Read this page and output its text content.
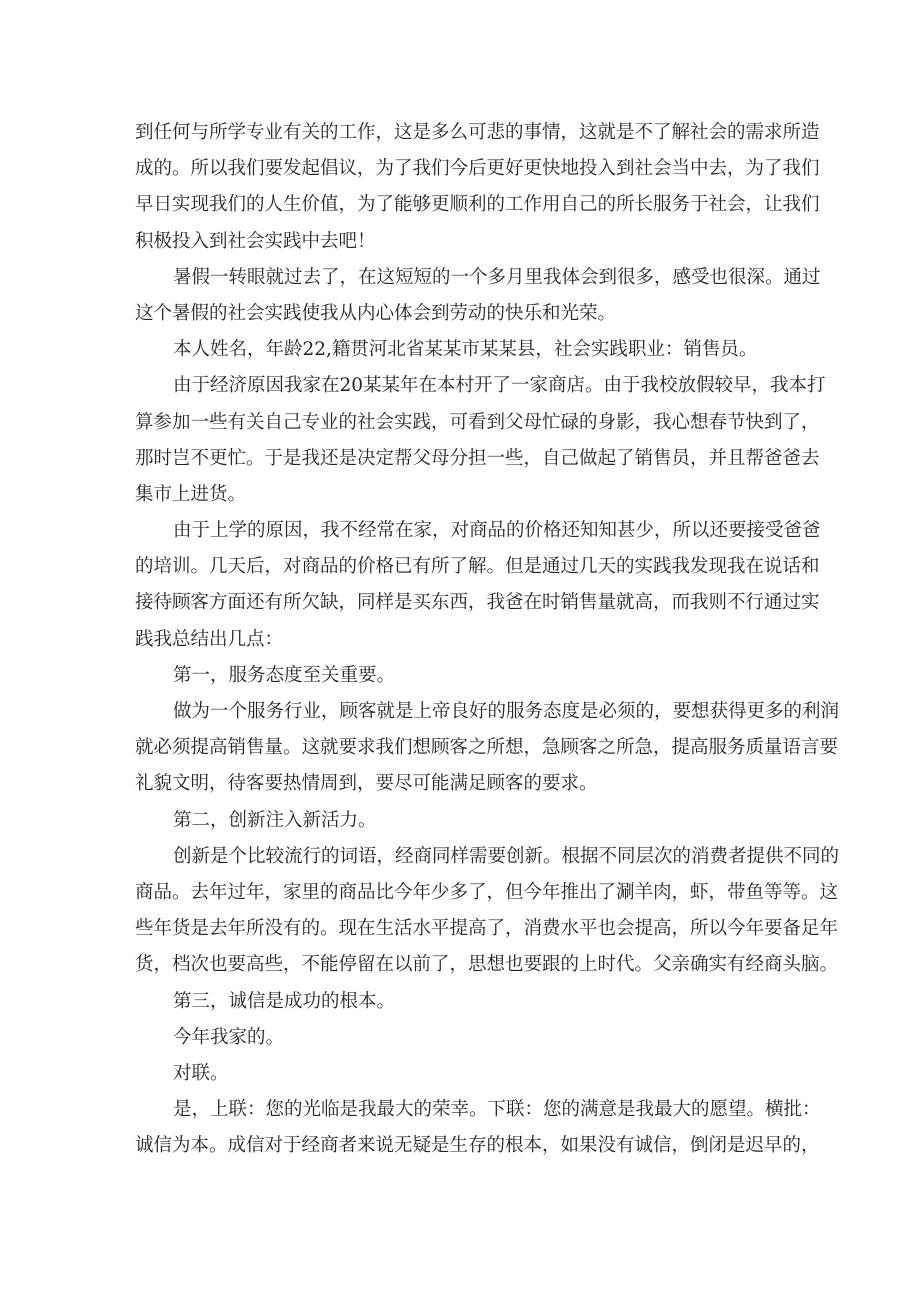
到任何与所学专业有关的工作，这是多么可悲的事情，这就是不了解社会的需求所造
成的。所以我们要发起倡议，为了我们今后更好更快地投入到社会当中去，为了我们
早日实现我们的人生价值，为了能够更顺利的工作用自己的所长服务于社会，让我们
积极投入到社会实践中去吧！
暑假一转眼就过去了，在这短短的一个多月里我体会到很多，感受也很深。通过
这个暑假的社会实践使我从内心体会到劳动的快乐和光荣。
本人姓名，年龄22,籍贯河北省某某市某某县，社会实践职业：销售员。
由于经济原因我家在20某某年在本村开了一家商店。由于我校放假较早，我本打
算参加一些有关自己专业的社会实践，可看到父母忙碌的身影，我心想春节快到了，
那时岂不更忙。于是我还是决定帮父母分担一些，自己做起了销售员，并且帮爸爸去
集市上进货。
由于上学的原因，我不经常在家，对商品的价格还知知甚少，所以还要接受爸爸
的培训。几天后，对商品的价格已有所了解。但是通过几天的实践我发现我在说话和
接待顾客方面还有所欠缺，同样是买东西，我爸在时销售量就高，而我则不行通过实
践我总结出几点：
第一，服务态度至关重要。
做为一个服务行业，顾客就是上帝良好的服务态度是必须的，要想获得更多的利润
就必须提高销售量。这就要求我们想顾客之所想，急顾客之所急，提高服务质量语言要
礼貌文明，待客要热情周到，要尽可能满足顾客的要求。
第二，创新注入新活力。
创新是个比较流行的词语，经商同样需要创新。根据不同层次的消费者提供不同的
商品。去年过年，家里的商品比今年少多了，但今年推出了涮羊肉，虾，带鱼等等。这
些年货是去年所没有的。现在生活水平提高了，消费水平也会提高，所以今年要备足年
货，档次也要高些，不能停留在以前了，思想也要跟的上时代。父亲确实有经商头脑。
第三，诚信是成功的根本。
今年我家的。
对联。
是，上联：您的光临是我最大的荣幸。下联：您的满意是我最大的愿望。横批：
诚信为本。成信对于经商者来说无疑是生存的根本，如果没有诚信，倒闭是迟早的，
